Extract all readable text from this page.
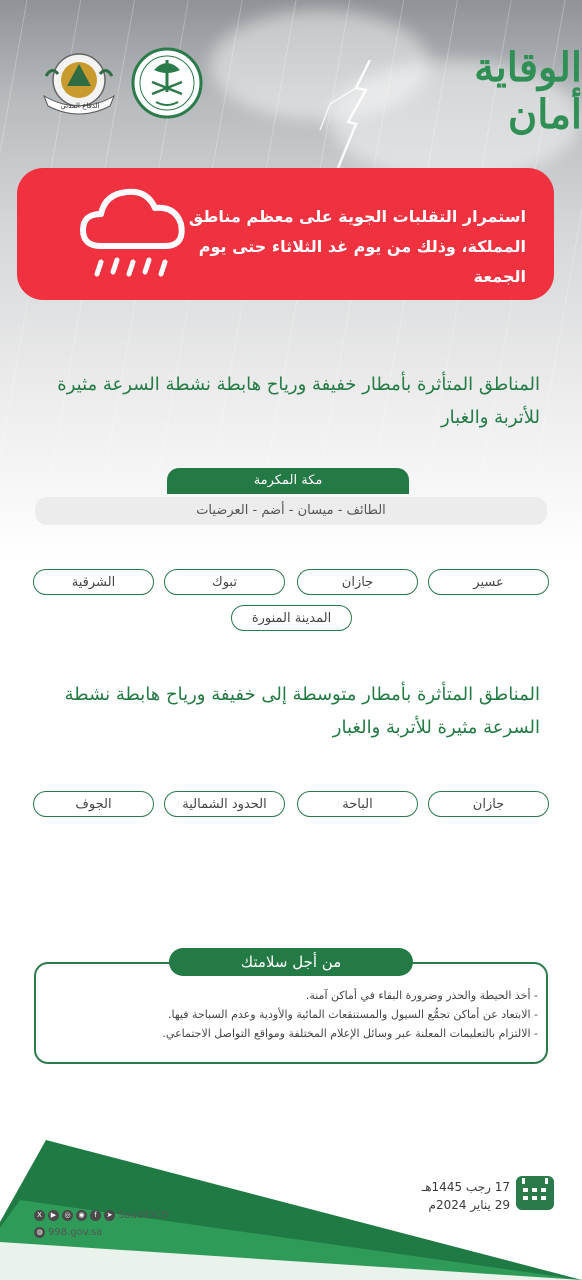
الدفاع المدني
الوقاية أمان
استمرار التقلبات الجوية على معظم مناطق المملكة، وذلك من يوم غد الثلاثاء حتى يوم الجمعة
المناطق المتأثرة بأمطار خفيفة ورياح هابطة نشطة السرعة مثيرة للأتربة والغبار
مكة المكرمة
الطائف - ميسان - أضم - العرضيات
عسير
جازان
تبوك
الشرقية
المدينة المنورة
المناطق المتأثرة بأمطار متوسطة إلى خفيفة ورياح هابطة نشطة السرعة مثيرة للأتربة والغبار
جازان
الباحة
الحدود الشمالية
الجوف
من أجل سلامتك
- أخذ الحيطة والحذر وضرورة البقاء في أماكن آمنة.
- الابتعاد عن أماكن تجمُّع السيول والمستنقعات المائية والأودية وعدم السباحة فيها.
- الالتزام بالتعليمات المعلنة عبر وسائل الإعلام المختلفة ومواقع التواصل الاجتماعي.
17 رجب 1445هـ
29 يناير 2024م
X	▶	◎	◉	f	➤ SaudiDCD
◍ 998.gov.sa
